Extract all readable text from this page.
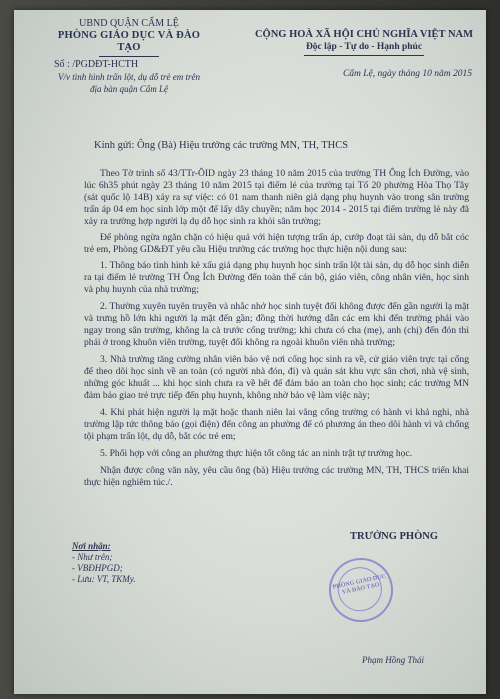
UBND QUẬN CẨM LỆ
PHÒNG GIÁO DỤC VÀ ĐÀO TẠO
Số : /PGDĐT-HCTH
V/v tình hình trấn lột, dụ dỗ trẻ em trên
địa bàn quận Cẩm Lệ
CỘNG HOÀ XÃ HỘI CHỦ NGHĨA VIỆT NAM
Độc lập - Tự do - Hạnh phúc
Cẩm Lệ, ngày tháng 10 năm 2015
Kính gửi: Ông (Bà) Hiệu trưởng các trường MN, TH, THCS

Theo Tờ trình số 43/TTr-ÔID ngày 23 tháng 10 năm 2015 của trường TH Ông Ích Đường, vào lúc 6h35 phút ngày 23 tháng 10 năm 2015 tại điểm lẻ của trường tại Tổ 20 phường Hòa Thọ Tây (sát quốc lộ 14B) xảy ra sự việc: có 01 nam thanh niên giả dạng phụ huynh vào trong sân trường trấn áp 04 em học sinh lớp một để lấy dây chuyền; năm học 2014 - 2015 tại điểm trường lẻ này đã xảy ra trường hợp người lạ dụ dỗ học sinh ra khỏi sân trường;

Để phòng ngừa ngăn chặn có hiệu quả với hiện tượng trấn áp, cướp đoạt tài sản, dụ dỗ bắt cóc trẻ em, Phòng GD&ĐT yêu cầu Hiệu trưởng các trường học thực hiện nội dung sau:

1. Thông báo tình hình kẻ xấu giả dạng phụ huynh học sinh trấn lột tài sản, dụ dỗ học sinh diễn ra tại điểm lẻ trường TH Ông Ích Đường đến toàn thể cán bộ, giáo viên, công nhân viên, học sinh và phụ huynh của nhà trường;

2. Thường xuyên tuyên truyền và nhắc nhở học sinh tuyệt đối không được đến gần người lạ mặt và trưng hồ lớn khi người lạ mặt đến gần; đồng thời hướng dẫn các em khi đến trường phải vào ngay trong sân trường, không la cà trước cổng trường; khi chưa có cha (mẹ), anh (chị) đến đón thì phải ở trong khuôn viên trường, tuyệt đối không ra ngoài khuôn viên nhà trường;

3. Nhà trường tăng cường nhân viên bảo vệ nơi cổng học sinh ra về, cử giáo viên trực tại cổng để theo dõi học sinh về an toàn (có người nhà đón, đi) và quản sát khu vực sân chơi, nhà vệ sinh, những góc khuất ... khi học sinh chưa ra về hết để đảm bảo an toàn cho học sinh; các trường MN đảm bảo giao trẻ trực tiếp đến phụ huynh, không nhờ bảo vệ làm việc này;

4. Khi phát hiện người lạ mặt hoặc thanh niên lai vãng cổng trường có hành vi khả nghi, nhà trường lập tức thông báo (gọi điện) đến công an phường để có phương án theo dõi hành vi và chống tội phạm trấn lột, dụ dỗ, bắt cóc trẻ em;

5. Phối hợp với công an phường thực hiện tốt công tác an ninh trật tự trường học.

Nhận được công văn này, yêu cầu ông (bà) Hiệu trưởng các trường MN, TH, THCS triển khai thực hiện nghiêm túc./.

Nơi nhận:
- Như trên;
- VBĐHPGD;
- Lưu: VT, TKMy.
TRƯỞNG PHÒNG
PHÒNG GIÁO DỤC VÀ ĐÀO TẠO
Phạm Hồng Thái
